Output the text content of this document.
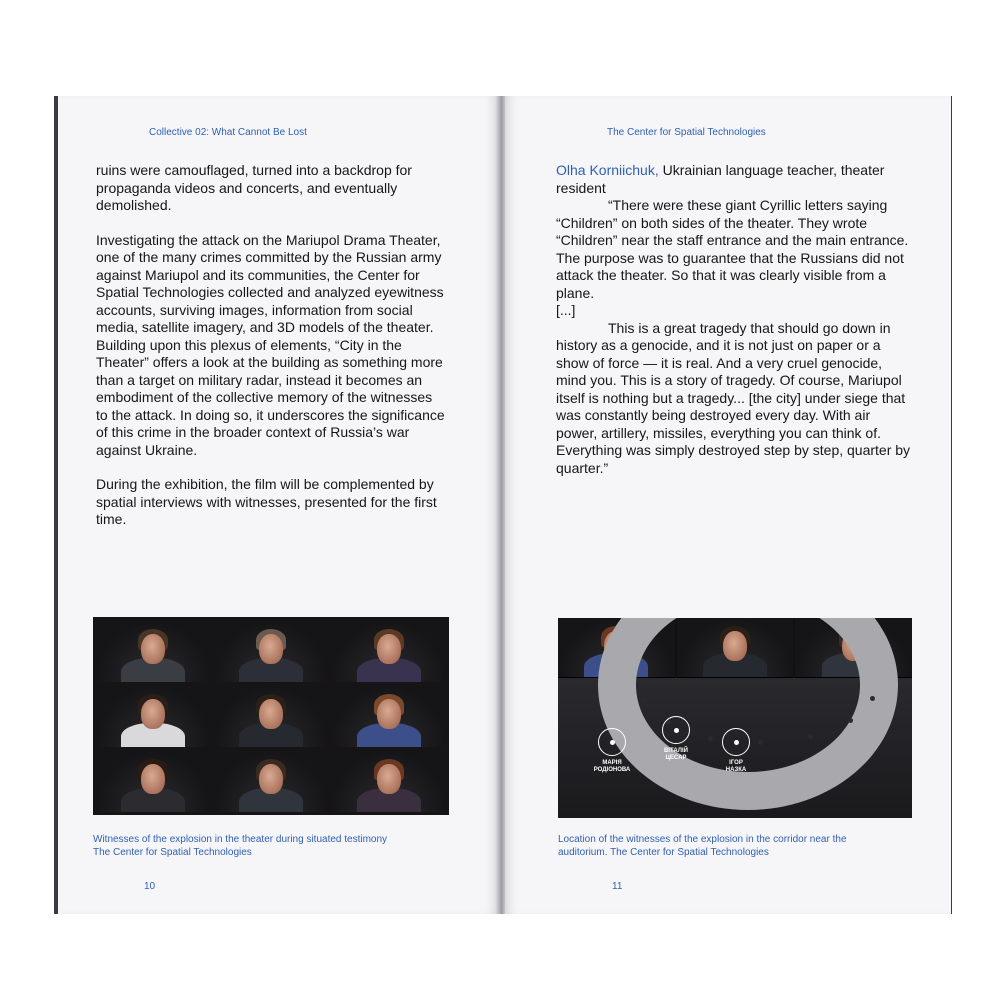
Collective 02: What Cannot Be Lost

ruins were camouflaged, turned into a backdrop for propaganda videos and concerts, and eventually demolished.

Investigating the attack on the Mariupol Drama Theater, one of the many crimes committed by the Russian army against Mariupol and its communities, the Center for Spatial Technologies collected and analyzed eyewitness accounts, surviving images, information from social media, satellite imagery, and 3D models of the theater. Building upon this plexus of elements, “City in the Theater” offers a look at the building as something more than a target on military radar, instead it becomes an embodiment of the collective memory of the witnesses to the attack. In doing so, it underscores the significance of this crime in the broader context of Russia’s war against Ukraine.

During the exhibition, the film will be complemented by spatial interviews with witnesses, presented for the first time.

Witnesses of the explosion in the theater during situated testimony
The Center for Spatial Technologies
10
The Center for Spatial Technologies

Olha Korniichuk, Ukrainian language teacher, theater resident

“There were these giant Cyrillic letters saying “Children” on both sides of the theater. They wrote “Children” near the staff entrance and the main entrance. The purpose was to guarantee that the Russians did not attack the theater. So that it was clearly visible from a plane.

[...]

This is a great tragedy that should go down in history as a genocide, and it is not just on paper or a show of force — it is real. And a very cruel genocide, mind you. This is a story of tragedy. Of course, Mariupol itself is nothing but a tragedy... [the city] under siege that was constantly being destroyed every day. With air power, artillery, missiles, everything you can think of. Everything was simply destroyed step by step, quarter by quarter.”

МАРІЯ
РОДІОНОВА
ВІТАЛІЙ
ЦЕСАР
ІГОР
НАЗКА
Location of the witnesses of the explosion in the corridor near the
auditorium. The Center for Spatial Technologies
11
